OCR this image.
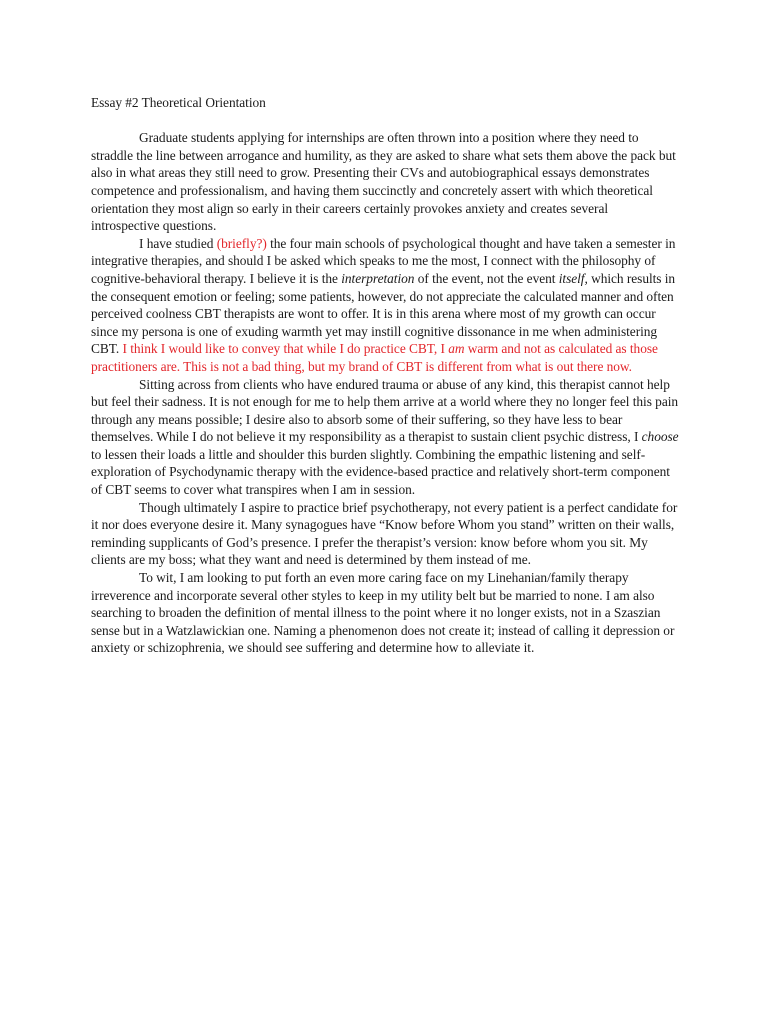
Essay #2 Theoretical Orientation

Graduate students applying for internships are often thrown into a position where they need to straddle the line between arrogance and humility, as they are asked to share what sets them above the pack but also in what areas they still need to grow. Presenting their CVs and autobiographical essays demonstrates competence and professionalism, and having them succinctly and concretely assert with which theoretical orientation they most align so early in their careers certainly provokes anxiety and creates several introspective questions.

I have studied (briefly?) the four main schools of psychological thought and have taken a semester in integrative therapies, and should I be asked which speaks to me the most, I connect with the philosophy of cognitive-behavioral therapy. I believe it is the interpretation of the event, not the event itself, which results in the consequent emotion or feeling; some patients, however, do not appreciate the calculated manner and often perceived coolness CBT therapists are wont to offer. It is in this arena where most of my growth can occur since my persona is one of exuding warmth yet may instill cognitive dissonance in me when administering CBT. I think I would like to convey that while I do practice CBT, I am warm and not as calculated as those practitioners are. This is not a bad thing, but my brand of CBT is different from what is out there now.

Sitting across from clients who have endured trauma or abuse of any kind, this therapist cannot help but feel their sadness. It is not enough for me to help them arrive at a world where they no longer feel this pain through any means possible; I desire also to absorb some of their suffering, so they have less to bear themselves. While I do not believe it my responsibility as a therapist to sustain client psychic distress, I choose to lessen their loads a little and shoulder this burden slightly. Combining the empathic listening and self-exploration of Psychodynamic therapy with the evidence-based practice and relatively short-term component of CBT seems to cover what transpires when I am in session.

Though ultimately I aspire to practice brief psychotherapy, not every patient is a perfect candidate for it nor does everyone desire it. Many synagogues have “Know before Whom you stand” written on their walls, reminding supplicants of God’s presence. I prefer the therapist’s version: know before whom you sit. My clients are my boss; what they want and need is determined by them instead of me.

To wit, I am looking to put forth an even more caring face on my Linehanian/family therapy irreverence and incorporate several other styles to keep in my utility belt but be married to none. I am also searching to broaden the definition of mental illness to the point where it no longer exists, not in a Szaszian sense but in a Watzlawickian one. Naming a phenomenon does not create it; instead of calling it depression or anxiety or schizophrenia, we should see suffering and determine how to alleviate it.
